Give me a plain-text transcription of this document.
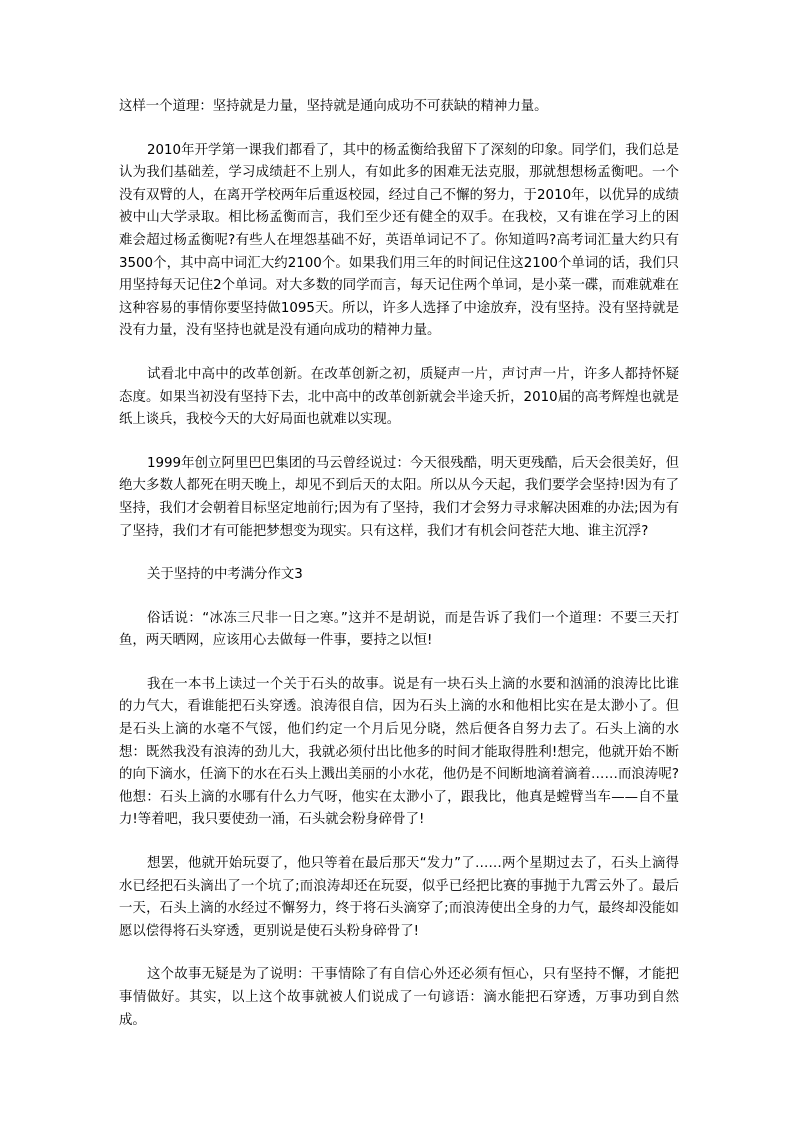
这样一个道理：坚持就是力量，坚持就是通向成功不可获缺的精神力量。

2010年开学第一课我们都看了，其中的杨孟衡给我留下了深刻的印象。同学们，我们总是认为我们基础差，学习成绩赶不上别人，有如此多的困难无法克服，那就想想杨孟衡吧。一个没有双臂的人，在离开学校两年后重返校园，经过自己不懈的努力，于2010年，以优异的成绩被中山大学录取。相比杨孟衡而言，我们至少还有健全的双手。在我校，又有谁在学习上的困难会超过杨孟衡呢?有些人在埋怨基础不好，英语单词记不了。你知道吗?高考词汇量大约只有3500个，其中高中词汇大约2100个。如果我们用三年的时间记住这2100个单词的话，我们只用坚持每天记住2个单词。对大多数的同学而言，每天记住两个单词，是小菜一碟，而难就难在这种容易的事情你要坚持做1095天。所以，许多人选择了中途放弃，没有坚持。没有坚持就是没有力量，没有坚持也就是没有通向成功的精神力量。

试看北中高中的改革创新。在改革创新之初，质疑声一片，声讨声一片，许多人都持怀疑态度。如果当初没有坚持下去，北中高中的改革创新就会半途夭折，2010届的高考辉煌也就是纸上谈兵，我校今天的大好局面也就难以实现。

1999年创立阿里巴巴集团的马云曾经说过：今天很残酷，明天更残酷，后天会很美好，但绝大多数人都死在明天晚上，却见不到后天的太阳。所以从今天起，我们要学会坚持!因为有了坚持，我们才会朝着目标坚定地前行;因为有了坚持，我们才会努力寻求解决困难的办法;因为有了坚持，我们才有可能把梦想变为现实。只有这样，我们才有机会问苍茫大地、谁主沉浮?

关于坚持的中考满分作文3

俗话说：“冰冻三尺非一日之寒。”这并不是胡说，而是告诉了我们一个道理：不要三天打鱼，两天晒网，应该用心去做每一件事，要持之以恒!

我在一本书上读过一个关于石头的故事。说是有一块石头上滴的水要和汹涌的浪涛比比谁的力气大，看谁能把石头穿透。浪涛很自信，因为石头上滴的水和他相比实在是太渺小了。但是石头上滴的水毫不气馁，他们约定一个月后见分晓，然后便各自努力去了。石头上滴的水想：既然我没有浪涛的劲儿大，我就必须付出比他多的时间才能取得胜利!想完，他就开始不断的向下滴水，任滴下的水在石头上溅出美丽的小水花，他仍是不间断地滴着滴着……而浪涛呢?他想：石头上滴的水哪有什么力气呀，他实在太渺小了，跟我比，他真是螳臂当车——自不量力!等着吧，我只要使劲一涌，石头就会粉身碎骨了!

想罢，他就开始玩耍了，他只等着在最后那天“发力”了……两个星期过去了，石头上滴得水已经把石头滴出了一个坑了;而浪涛却还在玩耍，似乎已经把比赛的事抛于九霄云外了。最后一天，石头上滴的水经过不懈努力，终于将石头滴穿了;而浪涛使出全身的力气，最终却没能如愿以偿得将石头穿透，更别说是使石头粉身碎骨了!

这个故事无疑是为了说明：干事情除了有自信心外还必须有恒心，只有坚持不懈，才能把事情做好。其实，以上这个故事就被人们说成了一句谚语：滴水能把石穿透，万事功到自然成。
